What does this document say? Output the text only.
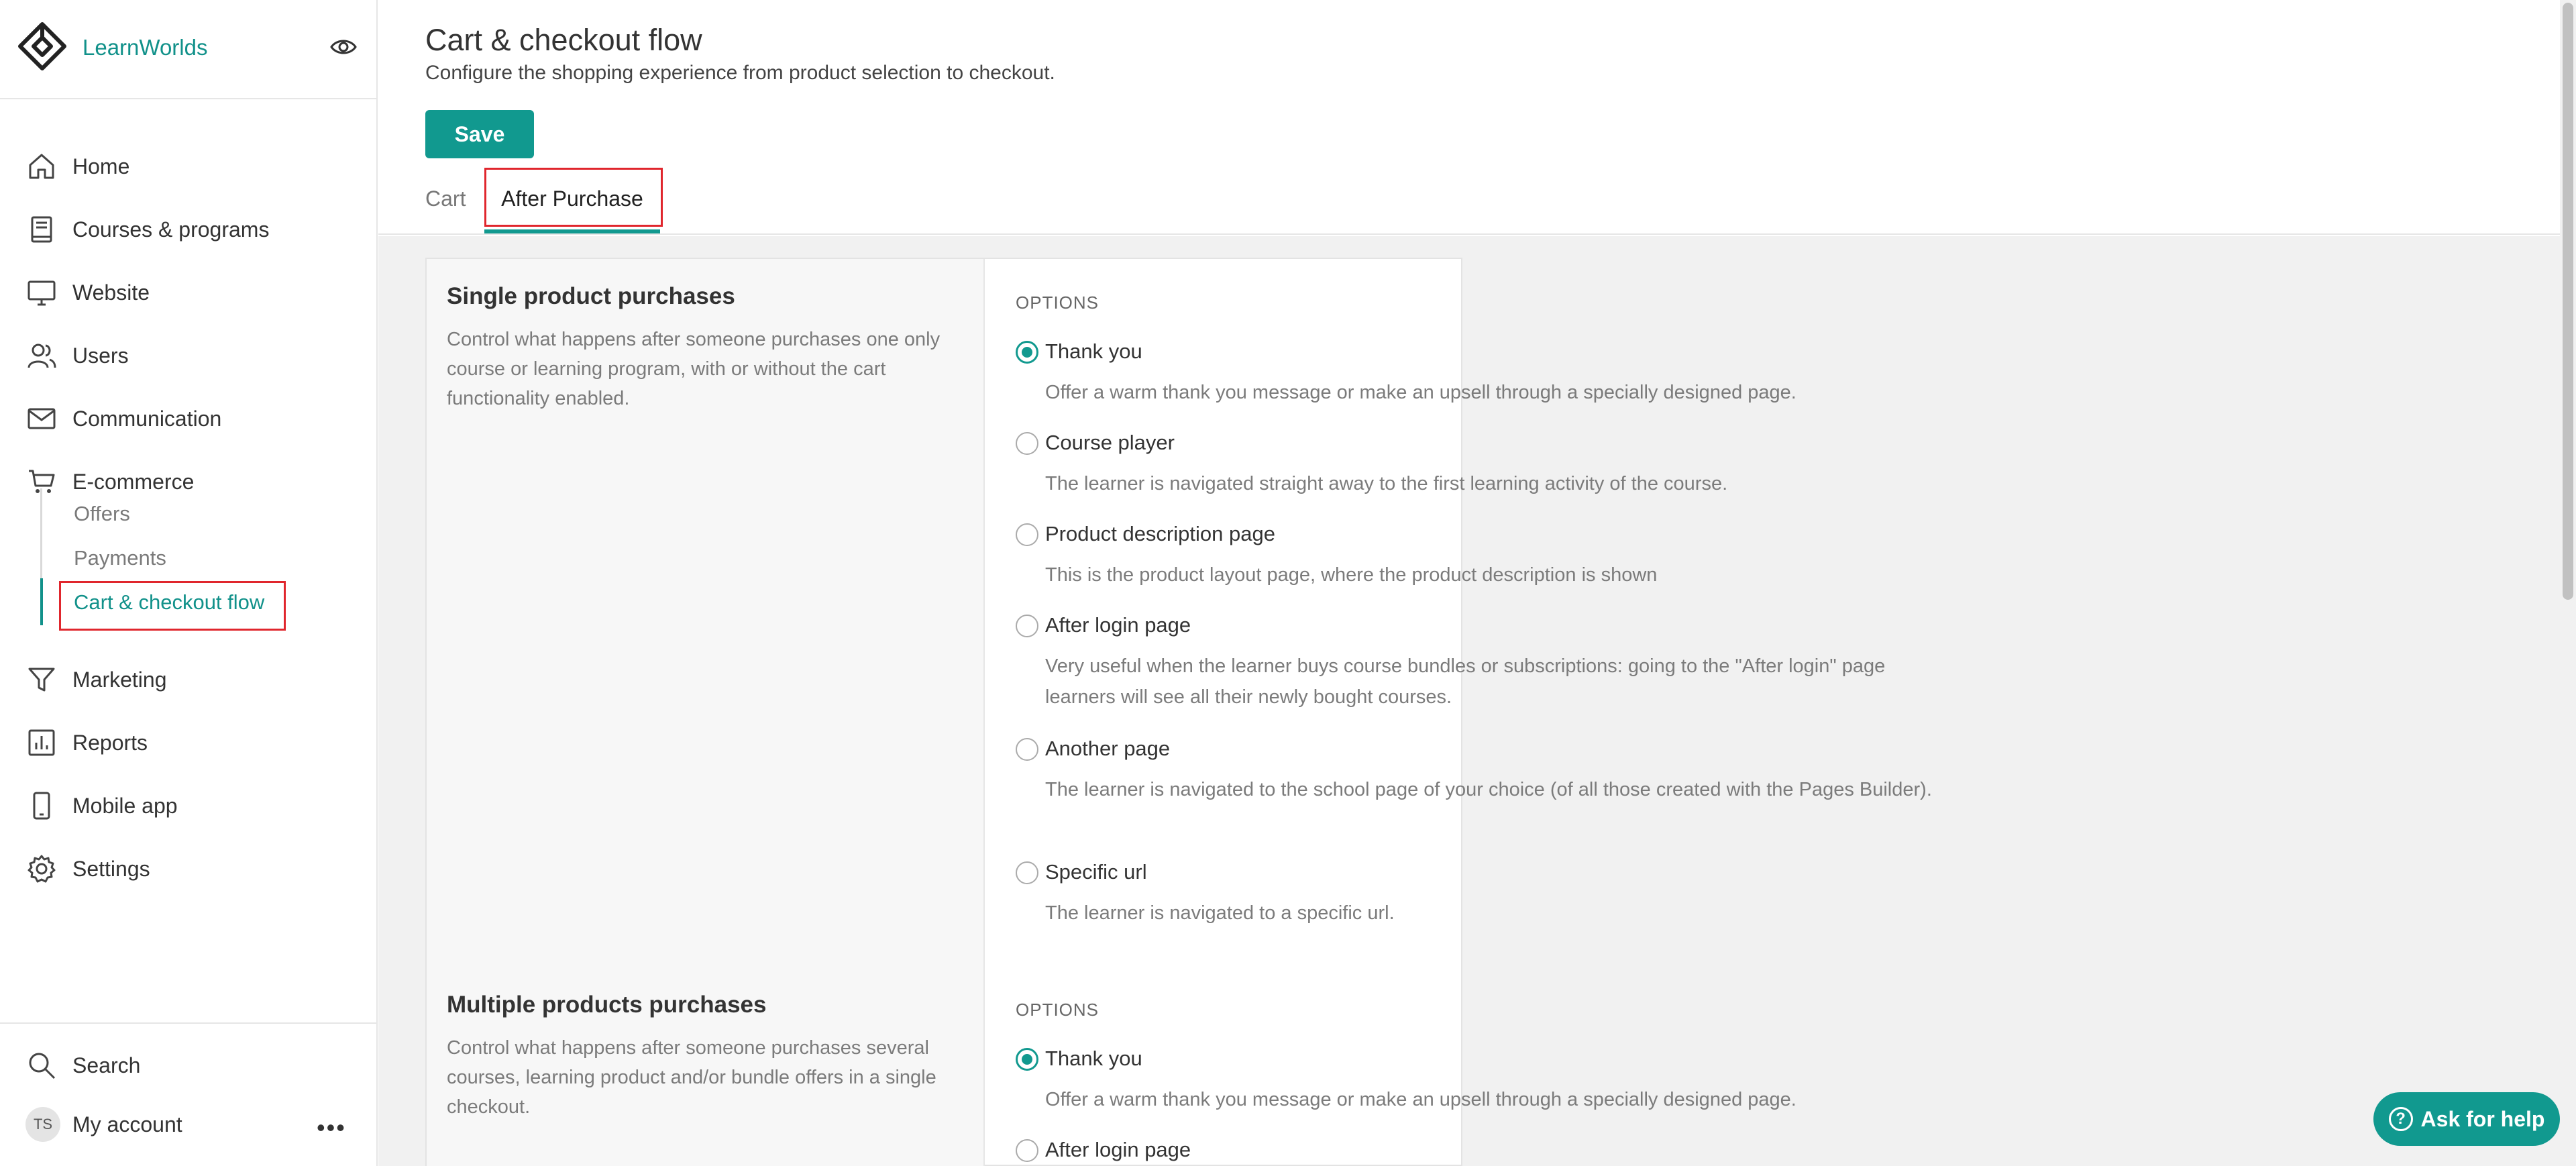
LearnWorlds
Home
Courses & programs
Website
Users
Communication
E-commerce
Offers
Payments
Cart & checkout flow
Marketing
Reports
Mobile app
Settings
Search
My account
TS	•••
Cart & checkout flow
Configure the shopping experience from product selection to checkout.
Save
Cart	After Purchase
Single product purchases
Control what happens after someone purchases one only course or learning program, with or without the cart functionality enabled.
OPTIONS
Thank you
Offer a warm thank you message or make an upsell through a specially designed page.
Course player
The learner is navigated straight away to the first learning activity of the course.
Product description page
This is the product layout page, where the product description is shown
After login page
Very useful when the learner buys course bundles or subscriptions: going to the "After login" page learners will see all their newly bought courses.
Another page
The learner is navigated to the school page of your choice (of all those created with the Pages Builder).
Specific url
The learner is navigated to a specific url.
Multiple products purchases
Control what happens after someone purchases several courses, learning product and/or bundle offers in a single checkout.
OPTIONS
Thank you
Offer a warm thank you message or make an upsell through a specially designed page.
After login page
? Ask for help
